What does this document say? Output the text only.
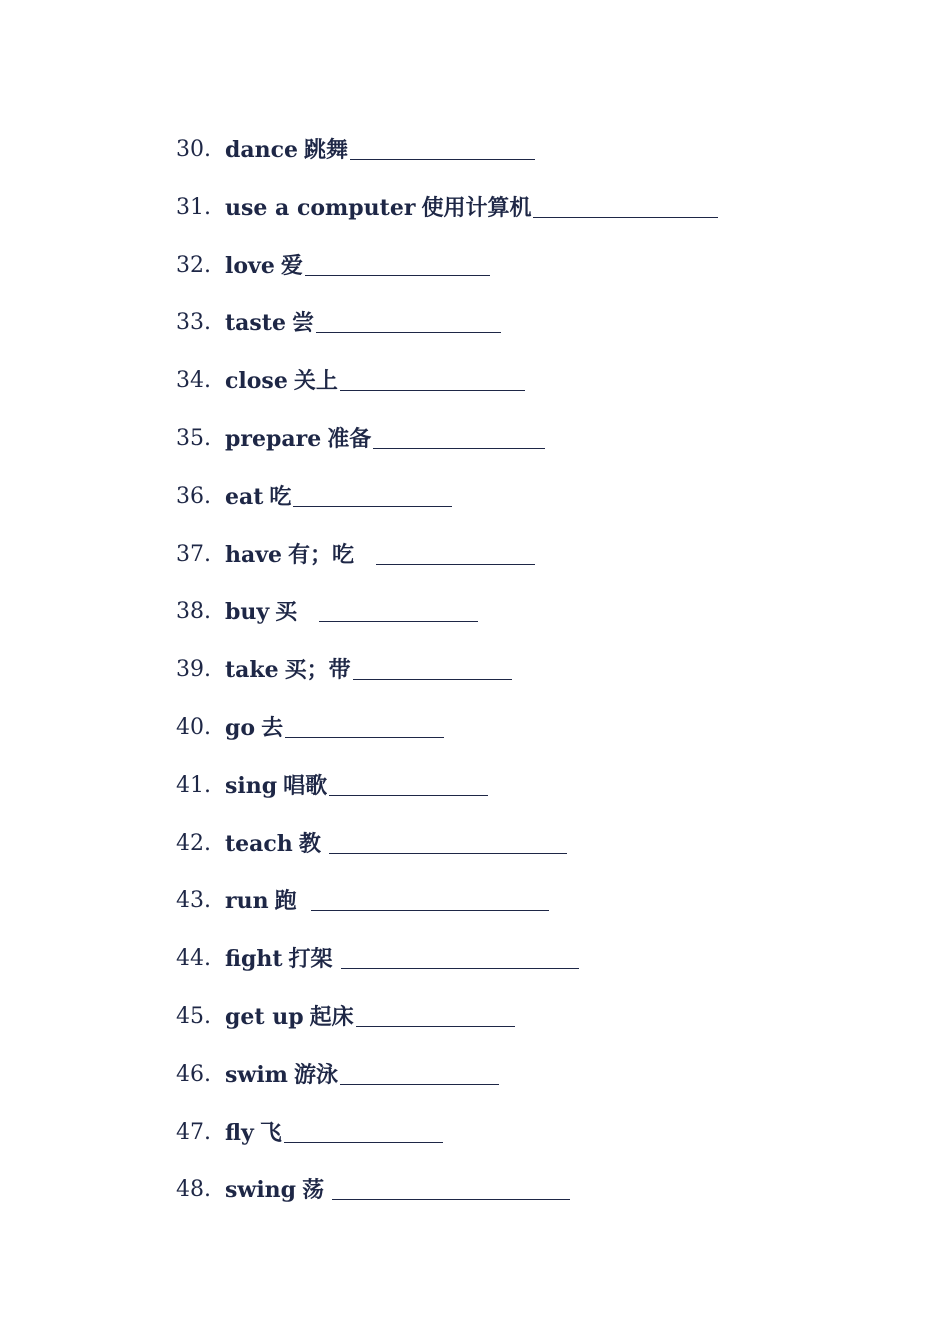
30. dance 跳舞
31. use a computer 使用计算机
32. love 爱
33. taste 尝
34. close 关上
35. prepare 准备
36. eat 吃
37. have 有；吃
38. buy 买
39. take 买；带
40. go 去
41. sing 唱歌
42. teach 教
43. run 跑
44. fight 打架
45. get up 起床
46. swim 游泳
47. fly 飞
48. swing 荡
